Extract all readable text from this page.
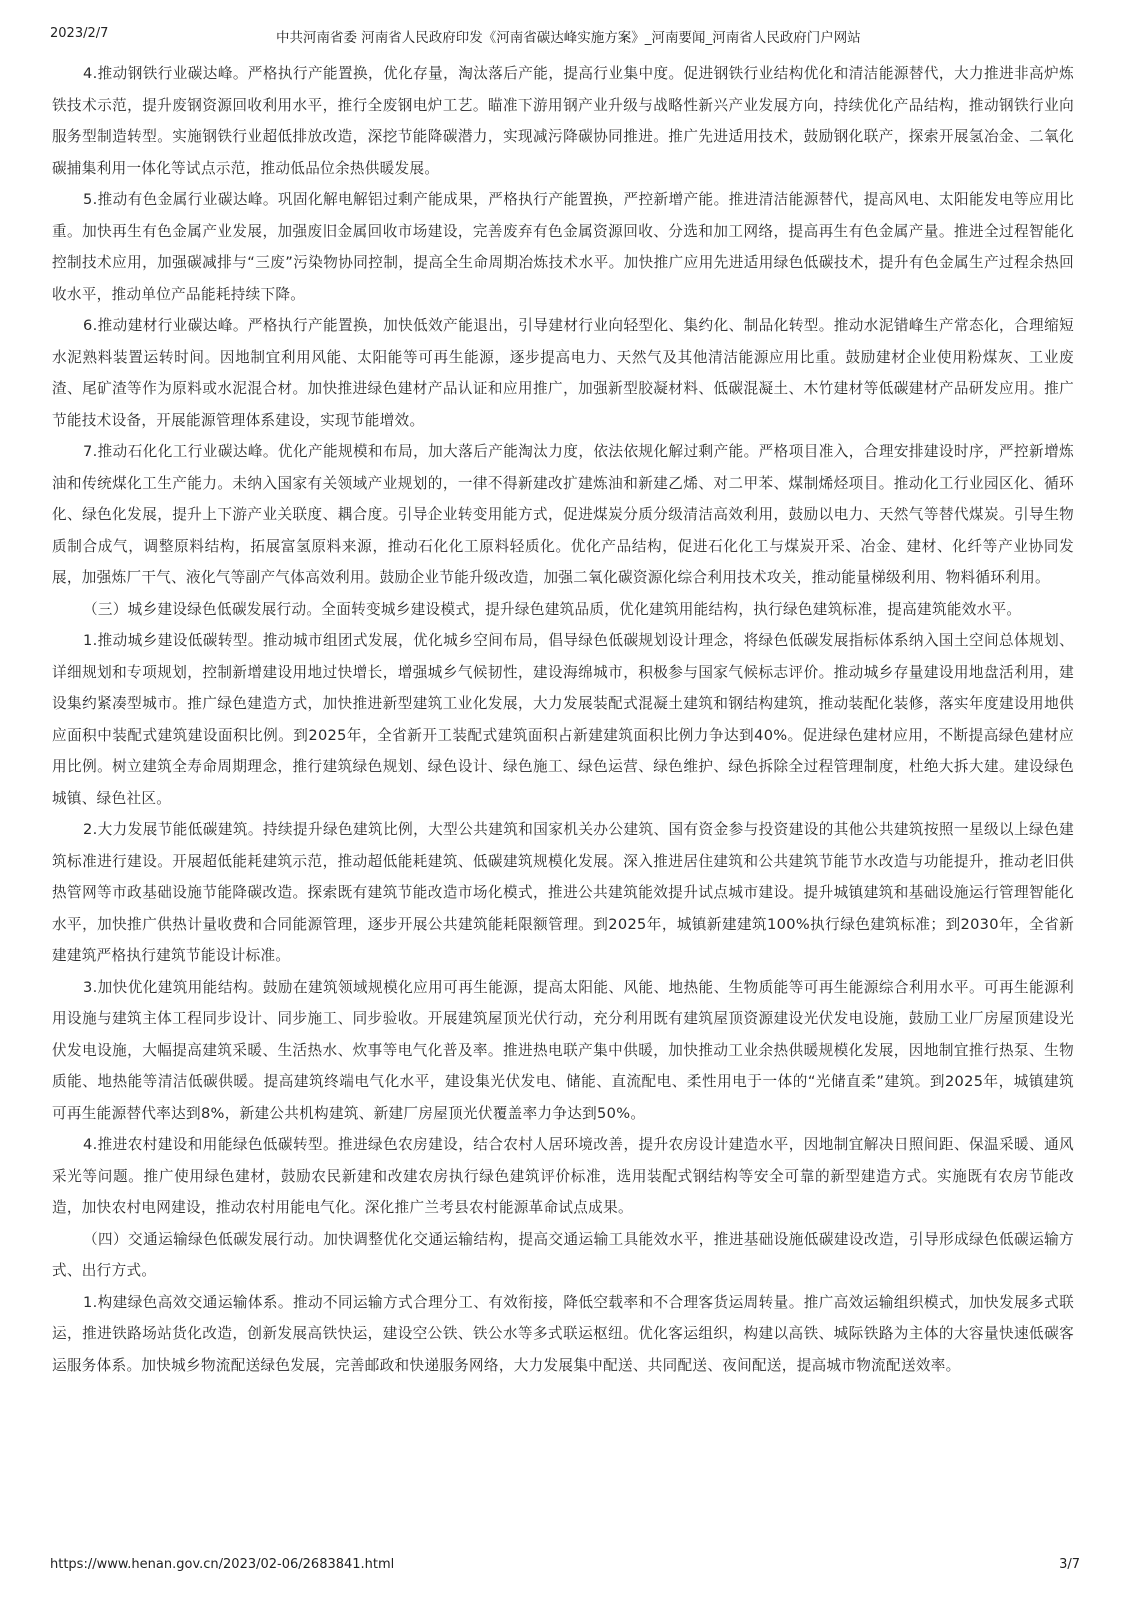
2023/2/7	中共河南省委 河南省人民政府印发《河南省碳达峰实施方案》_河南要闻_河南省人民政府门户网站

4.推动钢铁行业碳达峰。严格执行产能置换，优化存量，淘汰落后产能，提高行业集中度。促进钢铁行业结构优化和清洁能源替代，大力推进非高炉炼铁技术示范，提升废钢资源回收利用水平，推行全废钢电炉工艺。瞄准下游用钢产业升级与战略性新兴产业发展方向，持续优化产品结构，推动钢铁行业向服务型制造转型。实施钢铁行业超低排放改造，深挖节能降碳潜力，实现减污降碳协同推进。推广先进适用技术，鼓励钢化联产，探索开展氢冶金、二氧化碳捕集利用一体化等试点示范，推动低品位余热供暖发展。

5.推动有色金属行业碳达峰。巩固化解电解铝过剩产能成果，严格执行产能置换，严控新增产能。推进清洁能源替代，提高风电、太阳能发电等应用比重。加快再生有色金属产业发展，加强废旧金属回收市场建设，完善废弃有色金属资源回收、分选和加工网络，提高再生有色金属产量。推进全过程智能化控制技术应用，加强碳减排与“三废”污染物协同控制，提高全生命周期冶炼技术水平。加快推广应用先进适用绿色低碳技术，提升有色金属生产过程余热回收水平，推动单位产品能耗持续下降。

6.推动建材行业碳达峰。严格执行产能置换，加快低效产能退出，引导建材行业向轻型化、集约化、制品化转型。推动水泥错峰生产常态化，合理缩短水泥熟料装置运转时间。因地制宜利用风能、太阳能等可再生能源，逐步提高电力、天然气及其他清洁能源应用比重。鼓励建材企业使用粉煤灰、工业废渣、尾矿渣等作为原料或水泥混合材。加快推进绿色建材产品认证和应用推广，加强新型胶凝材料、低碳混凝土、木竹建材等低碳建材产品研发应用。推广节能技术设备，开展能源管理体系建设，实现节能增效。

7.推动石化化工行业碳达峰。优化产能规模和布局，加大落后产能淘汰力度，依法依规化解过剩产能。严格项目准入，合理安排建设时序，严控新增炼油和传统煤化工生产能力。未纳入国家有关领域产业规划的，一律不得新建改扩建炼油和新建乙烯、对二甲苯、煤制烯烃项目。推动化工行业园区化、循环化、绿色化发展，提升上下游产业关联度、耦合度。引导企业转变用能方式，促进煤炭分质分级清洁高效利用，鼓励以电力、天然气等替代煤炭。引导生物质制合成气，调整原料结构，拓展富氢原料来源，推动石化化工原料轻质化。优化产品结构，促进石化化工与煤炭开采、冶金、建材、化纤等产业协同发展，加强炼厂干气、液化气等副产气体高效利用。鼓励企业节能升级改造，加强二氧化碳资源化综合利用技术攻关，推动能量梯级利用、物料循环利用。

（三）城乡建设绿色低碳发展行动。全面转变城乡建设模式，提升绿色建筑品质，优化建筑用能结构，执行绿色建筑标准，提高建筑能效水平。

1.推动城乡建设低碳转型。推动城市组团式发展，优化城乡空间布局，倡导绿色低碳规划设计理念，将绿色低碳发展指标体系纳入国土空间总体规划、详细规划和专项规划，控制新增建设用地过快增长，增强城乡气候韧性，建设海绵城市，积极参与国家气候标志评价。推动城乡存量建设用地盘活利用，建设集约紧凑型城市。推广绿色建造方式，加快推进新型建筑工业化发展，大力发展装配式混凝土建筑和钢结构建筑，推动装配化装修，落实年度建设用地供应面积中装配式建筑建设面积比例。到2025年，全省新开工装配式建筑面积占新建建筑面积比例力争达到40%。促进绿色建材应用，不断提高绿色建材应用比例。树立建筑全寿命周期理念，推行建筑绿色规划、绿色设计、绿色施工、绿色运营、绿色维护、绿色拆除全过程管理制度，杜绝大拆大建。建设绿色城镇、绿色社区。

2.大力发展节能低碳建筑。持续提升绿色建筑比例，大型公共建筑和国家机关办公建筑、国有资金参与投资建设的其他公共建筑按照一星级以上绿色建筑标准进行建设。开展超低能耗建筑示范，推动超低能耗建筑、低碳建筑规模化发展。深入推进居住建筑和公共建筑节能节水改造与功能提升，推动老旧供热管网等市政基础设施节能降碳改造。探索既有建筑节能改造市场化模式，推进公共建筑能效提升试点城市建设。提升城镇建筑和基础设施运行管理智能化水平，加快推广供热计量收费和合同能源管理，逐步开展公共建筑能耗限额管理。到2025年，城镇新建建筑100%执行绿色建筑标准；到2030年，全省新建建筑严格执行建筑节能设计标准。

3.加快优化建筑用能结构。鼓励在建筑领域规模化应用可再生能源，提高太阳能、风能、地热能、生物质能等可再生能源综合利用水平。可再生能源利用设施与建筑主体工程同步设计、同步施工、同步验收。开展建筑屋顶光伏行动，充分利用既有建筑屋顶资源建设光伏发电设施，鼓励工业厂房屋顶建设光伏发电设施，大幅提高建筑采暖、生活热水、炊事等电气化普及率。推进热电联产集中供暖，加快推动工业余热供暖规模化发展，因地制宜推行热泵、生物质能、地热能等清洁低碳供暖。提高建筑终端电气化水平，建设集光伏发电、储能、直流配电、柔性用电于一体的“光储直柔”建筑。到2025年，城镇建筑可再生能源替代率达到8%，新建公共机构建筑、新建厂房屋顶光伏覆盖率力争达到50%。

4.推进农村建设和用能绿色低碳转型。推进绿色农房建设，结合农村人居环境改善，提升农房设计建造水平，因地制宜解决日照间距、保温采暖、通风采光等问题。推广使用绿色建材，鼓励农民新建和改建农房执行绿色建筑评价标准，选用装配式钢结构等安全可靠的新型建造方式。实施既有农房节能改造，加快农村电网建设，推动农村用能电气化。深化推广兰考县农村能源革命试点成果。

（四）交通运输绿色低碳发展行动。加快调整优化交通运输结构，提高交通运输工具能效水平，推进基础设施低碳建设改造，引导形成绿色低碳运输方式、出行方式。

1.构建绿色高效交通运输体系。推动不同运输方式合理分工、有效衔接，降低空载率和不合理客货运周转量。推广高效运输组织模式，加快发展多式联运，推进铁路场站货化改造，创新发展高铁快运，建设空公铁、铁公水等多式联运枢纽。优化客运组织，构建以高铁、城际铁路为主体的大容量快速低碳客运服务体系。加快城乡物流配送绿色发展，完善邮政和快递服务网络，大力发展集中配送、共同配送、夜间配送，提高城市物流配送效率。

https://www.henan.gov.cn/2023/02-06/2683841.html	3/7
